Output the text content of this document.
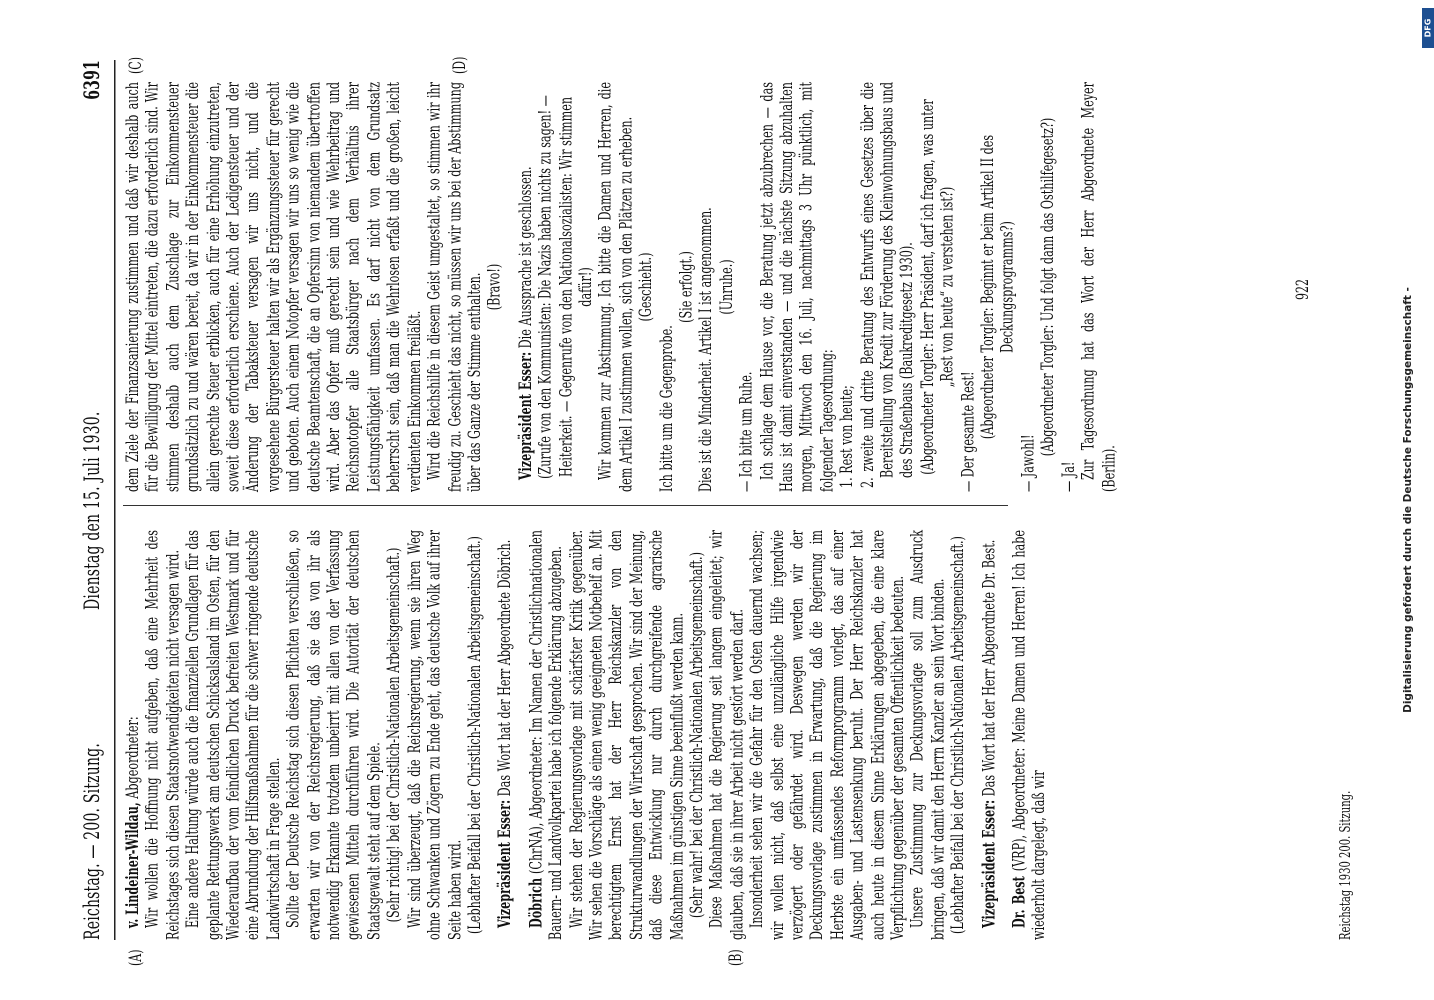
Reichstag. — 200. Sitzung.
Dienstag den 15. Juli 1930.
6391
(A)	(B)
(C)	(D)

v. Lindeiner-Wildau, Abgeordneter: Wir wollen die Hoffnung nicht aufgeben, daß eine Mehrheit des Reichstages sich diesen Staatsnotwendigkeiten nicht versagen wird. Eine andere Haltung würde auch die finanziellen Grundlagen für das geplante Rettungswerk am deutschen Schicksalsland im Osten, für den Wiederaufbau der vom feindlichen Druck befreiten Westmark und für eine Abrundung der Hilfsmaßnahmen für die schwer ringende deutsche Landwirtschaft in Frage stellen. Sollte der Deutsche Reichstag sich diesen Pflichten verschließen, so erwarten wir von der Reichsregierung, daß sie das von ihr als notwendig Erkannte trotzdem unbeirrt mit allen von der Verfassung gewiesenen Mitteln durchführen wird. Die Autorität der deutschen Staatsgewalt steht auf dem Spiele. (Sehr richtig! bei der Christlich-Nationalen Arbeitsgemeinschaft.) Wir sind überzeugt, daß die Reichsregierung, wenn sie ihren Weg ohne Schwanken und Zögern zu Ende geht, das deutsche Volk auf ihrer Seite haben wird. (Lebhafter Beifall bei der Christlich-Nationalen Arbeitsgemeinschaft.) Vizepräsident Esser: Das Wort hat der Herr Abgeordnete Döbrich.

Döbrich (ChrNA), Abgeordneter: Im Namen der Christlichnationalen Bauern- und Landvolkpartei habe ich folgende Erklärung abzugeben. Wir stehen der Regierungsvorlage mit schärfster Kritik gegenüber. Wir sehen die Vorschläge als einen wenig geeigneten Notbehelf an. Mit berechtigtem Ernst hat der Herr Reichskanzler von den Strukturwandlungen der Wirtschaft gesprochen. Wir sind der Meinung, daß diese Entwicklung nur durch durchgreifende agrarische Maßnahmen im günstigen Sinne beeinflußt werden kann. (Sehr wahr! bei der Christlich-Nationalen Arbeitsgemeinschaft.) Diese Maßnahmen hat die Regierung seit langem eingeleitet; wir glauben, daß sie in ihrer Arbeit nicht gestört werden darf. Insonderheit sehen wir die Gefahr für den Osten dauernd wachsen; wir wollen nicht, daß selbst eine unzulängliche Hilfe irgendwie verzögert oder gefährdet wird. Deswegen werden wir der Deckungsvorlage zustimmen in Erwartung, daß die Regierung im Herbste ein umfassendes Reformprogramm vorlegt, das auf einer Ausgaben- und Lastensenkung beruht. Der Herr Reichskanzler hat auch heute in diesem Sinne Erklärungen abgegeben, die eine klare Verpflichtung gegenüber der gesamten Öffentlichkeit bedeuten. Unsere Zustimmung zur Deckungsvorlage soll zum Ausdruck bringen, daß wir damit den Herrn Kanzler an sein Wort binden. (Lebhafter Beifall bei der Christlich-Nationalen Arbeitsgemeinschaft.) Vizepräsident Esser: Das Wort hat der Herr Abgeordnete Dr. Best.

Dr. Best (VRP), Abgeordneter: Meine Damen und Herren! Ich habe wiederholt dargelegt, daß wir

dem Ziele der Finanzsanierung zustimmen und daß wir deshalb auch für die Bewilligung der Mittel eintreten, die dazu erforderlich sind. Wir stimmen deshalb auch dem Zuschlage zur Einkommensteuer grundsätzlich zu und wären bereit, da wir in der Einkommensteuer die allein gerechte Steuer erblicken, auch für eine Erhöhung einzutreten, soweit diese erforderlich erschiene. Auch der Ledigensteuer und der Änderung der Tabaksteuer versagen wir uns nicht, und die vorgesehene Bürgersteuer halten wir als Ergänzungssteuer für gerecht und geboten. Auch einem Notopfer versagen wir uns so wenig wie die deutsche Beamtenschaft, die an Opfersinn von niemandem übertroffen wird. Aber das Opfer muß gerecht sein und wie Wehrbeitrag und Reichsnotopfer alle Staatsbürger nach dem Verhältnis ihrer Leistungsfähigkeit umfassen. Es darf nicht von dem Grundsatz beherrscht sein, daß man die Wehrlosen erfaßt und die großen, leicht verdienten Einkommen freiläßt. Wird die Reichshilfe in diesem Geist umgestaltet, so stimmen wir ihr freudig zu. Geschieht das nicht, so müssen wir uns bei der Abstimmung über das Ganze der Stimme enthalten. (Bravo!)

Vizepräsident Esser: Die Aussprache ist geschlossen. (Zurufe von den Kommunisten: Die Nazis haben nichts zu sagen! — Heiterkeit. — Gegenrufe von den Nationalsozialisten: Wir stimmen dafür!) Wir kommen zur Abstimmung. Ich bitte die Damen und Herren, die dem Artikel I zustimmen wollen, sich von den Plätzen zu erheben. (Geschieht.)

Ich bitte um die Gegenprobe.

(Sie erfolgt.) Dies ist die Minderheit. Artikel I ist angenommen. (Unruhe.)

— Ich bitte um Ruhe. Ich schlage dem Hause vor, die Beratung jetzt abzubrechen — das Haus ist damit einverstanden — und die nächste Sitzung abzuhalten morgen, Mittwoch den 16. Juli, nachmittags 3 Uhr pünktlich, mit folgender Tagesordnung: 1. Rest von heute; 2. zweite und dritte Beratung des Entwurfs eines Gesetzes über die Bereitstellung von Kredit zur Förderung des Kleinwohnungsbaus und des Straßenbaus (Baukreditgesetz 1930). (Abgeordneter Torgler: Herr Präsident, darf ich fragen, was unter „Rest von heute“ zu verstehen ist?)

— Der gesamte Rest! (Abgeordneter Torgler: Beginnt er beim Artikel II des Deckungsprogramms?)

— Jawohl!

(Abgeordneter Torgler: Und folgt dann das Osthilfegesetz?)

— Ja! Zur Tagesordnung hat das Wort der Herr Abgeordnete Meyer (Berlin).

922
Reichstag 1930 200. Sitzung.
Digitalisierung gefördert durch die Deutsche Forschungsgemeinschaft -
DFG
